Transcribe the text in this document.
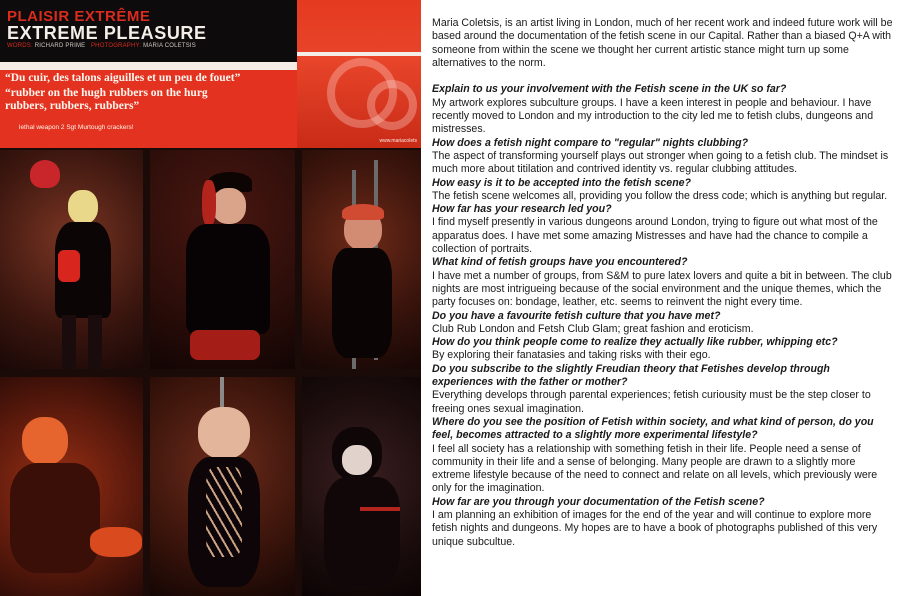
PLAISIR EXTRÊME
EXTREME PLEASURE
WORDS: RICHARD PRIME PHOTOGRAPHY: MARIA COLETSIS
www.mariacolets
“Du cuir, des talons aiguilles et un peu de fouet”
“rubber on the hugh rubbers on the hurg rubbers, rubbers, rubbers”
lethal weapon 2 Sgt Murtough crackers!

Maria Coletsis, is an artist living in London, much of her recent work and indeed future work will be based around the documentation of the fetish scene in our Capital. Rather than a biased Q+A with someone from within the scene we thought her current artistic stance might turn up some alternatives to the norm.

Explain to us your involvement with the Fetish scene in the UK so far?

My artwork explores subculture groups. I have a keen interest in people and behaviour. I have recently moved to London and my introduction to the city led me to fetish clubs, dungeons and mistresses.

How does a fetish night compare to "regular" nights clubbing?

The aspect of transforming yourself plays out stronger when going to a fetish club. The mindset is much more about titilation and contrived identity vs. regular clubbing attitudes.

How easy is it to be accepted into the fetish scene?

The fetish scene welcomes all, providing you follow the dress code; which is anything but regular.

How far has your research led you?

I find myself presently in various dungeons around London, trying to figure out what most of the apparatus does. I have met some amazing Mistresses and have had the chance to compile a collection of portraits.

What kind of fetish groups have you encountered?

I have met a number of groups, from S&M to pure latex lovers and quite a bit in between. The club nights are most intrigueing because of the social environment and the unique themes, which the party focuses on: bondage, leather, etc. seems to reinvent the night every time.

Do you have a favourite fetish culture that you have met?

Club Rub London and Fetsh Club Glam; great fashion and eroticism.

How do you think people come to realize they actually like rubber, whipping etc?

By exploring their fanatasies and taking risks with their ego.

Do you subscribe to the slightly Freudian theory that Fetishes develop through experiences with the father or mother?

Everything develops through parental experiences; fetish curiousity must be the step closer to freeing ones sexual imagination.

Where do you see the position of Fetish within society, and what kind of person, do you feel, becomes attracted to a slightly more experimental lifestyle?

I feel all society has a relationship with something fetish in their life. People need a sense of community in their life and a sense of belonging. Many people are drawn to a slightly more extreme lifestyle because of the need to connect and relate on all levels, which previously were only for the imagination.

How far are you through your documentation of the Fetish scene?

I am planning an exhibition of images for the end of the year and will continue to explore more fetish nights and dungeons. My hopes are to have a book of photographs published of this very unique subcultue.
